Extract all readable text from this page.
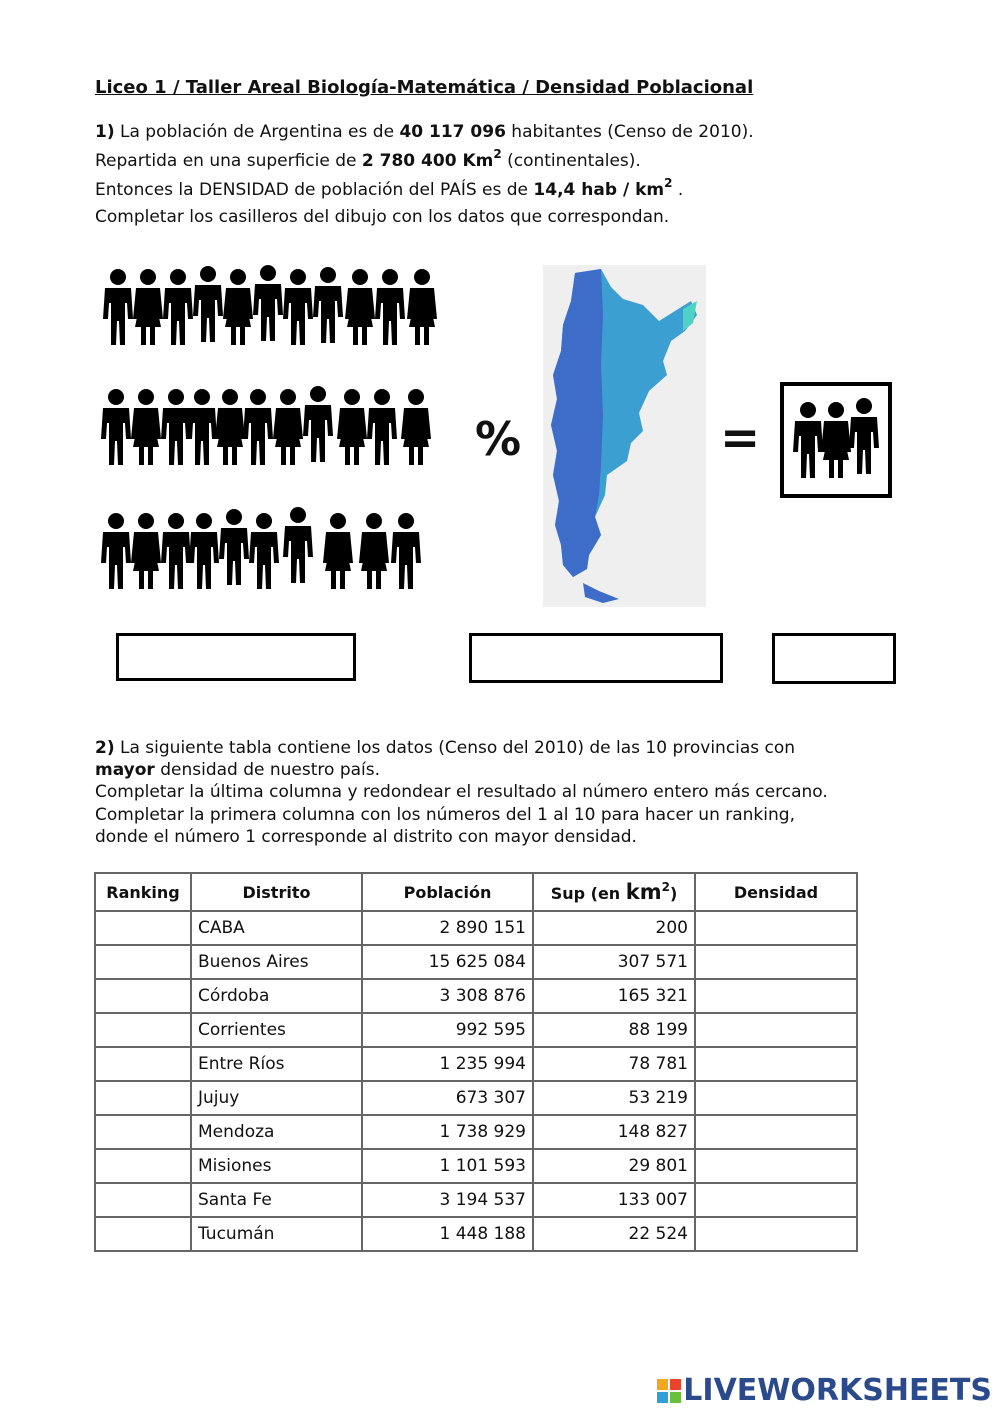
Liceo 1 / Taller Areal Biología-Matemática / Densidad Poblacional
1) La población de Argentina es de 40 117 096 habitantes (Censo de 2010).
Repartida en una superficie de 2 780 400 Km$^2$ (continentales).
Entonces la DENSIDAD de población del PAÍS es de 14,4 hab / $km^2$ .
Completar los casilleros del dibujo con los datos que correspondan.
%	=
2) La siguiente tabla contiene los datos (Censo del 2010) de las 10 provincias con
mayor densidad de nuestro país.
Completar la última columna y redondear el resultado al número entero más cercano.
Completar la primera columna con los números del 1 al 10 para hacer un ranking,
donde el número 1 corresponde al distrito con mayor densidad.
Ranking	Distrito	Población	Sup (en $km^2$)	Densidad
	CABA	2 890 151	200	
	Buenos Aires	15 625 084	307 571	
	Córdoba	3 308 876	165 321	
	Corrientes	992 595	88 199	
	Entre Ríos	1 235 994	78 781	
	Jujuy	673 307	53 219	
	Mendoza	1 738 929	148 827	
	Misiones	1 101 593	29 801	
	Santa Fe	3 194 537	133 007	
	Tucumán	1 448 188	22 524	
LIVEWORKSHEETS
